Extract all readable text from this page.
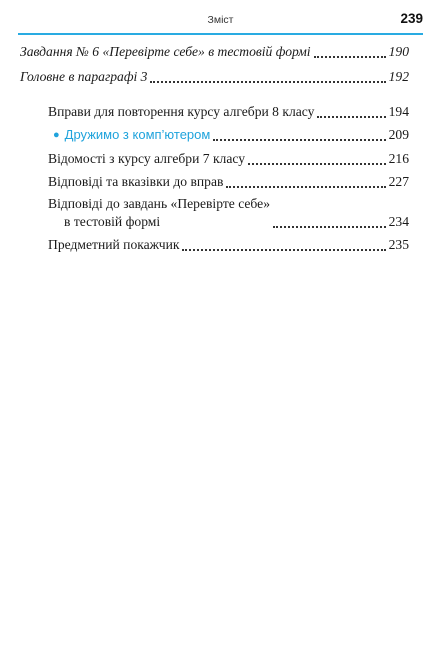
Зміст	239
Завдання № 6 «Перевірте себе» в тестовій формі	190
Головне в параграфі 3	192
Вправи для повторення курсу алгебри 8 класу	194
● Дружимо з комп’ютером	209
Відомості з курсу алгебри 7 класу	216
Відповіді та вказівки до вправ	227
Відповіді до завдань «Перевірте себе»
в тестовій формі	234
Предметний покажчик	235
